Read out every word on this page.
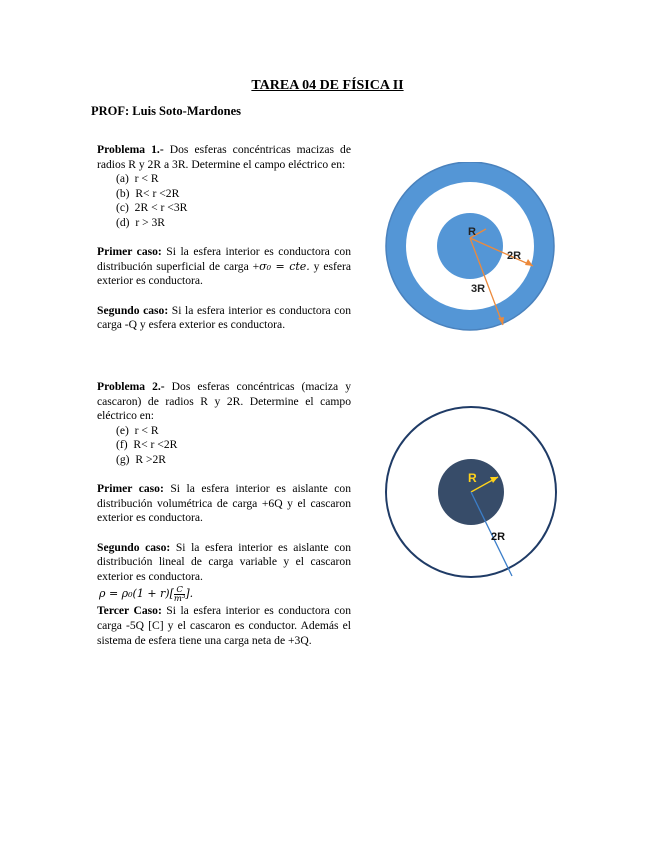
TAREA 04 DE FÍSICA II
PROF: Luis Soto-Mardones

Problema 1.- Dos esferas concéntricas macizas de radios R y 2R a 3R. Determine el campo eléctrico en:

(a)  r < R
(b)  R< r <2R
(c)  2R < r <3R
(d)  r > 3R

Primer caso: Si la esfera interior es conductora con distribución superficial de carga +σ₀ = cte. y esfera exterior es conductora.

Segundo caso: Si la esfera interior es conductora con carga -Q y esfera exterior es conductora.

Problema 2.- Dos esferas concéntricas (maciza y cascaron) de radios R y 2R. Determine el campo eléctrico en:

(e)  r < R
(f)  R< r <2R
(g)  R >2R

Primer caso: Si la esfera interior es aislante con distribución volumétrica de carga +6Q y el cascaron exterior es conductora.

Segundo caso: Si la esfera interior es aislante con distribución lineal de carga variable y el cascaron exterior es conductora.

$\rho = \rho_0(1 + r)[ \frac{C}{\text{m³}}$ ].

Tercer Caso: Si la esfera interior es conductora con carga -5Q [C] y el cascaron es conductor. Además el sistema de esfera tiene una carga neta de +3Q.

R
2R
3R
R
2R
